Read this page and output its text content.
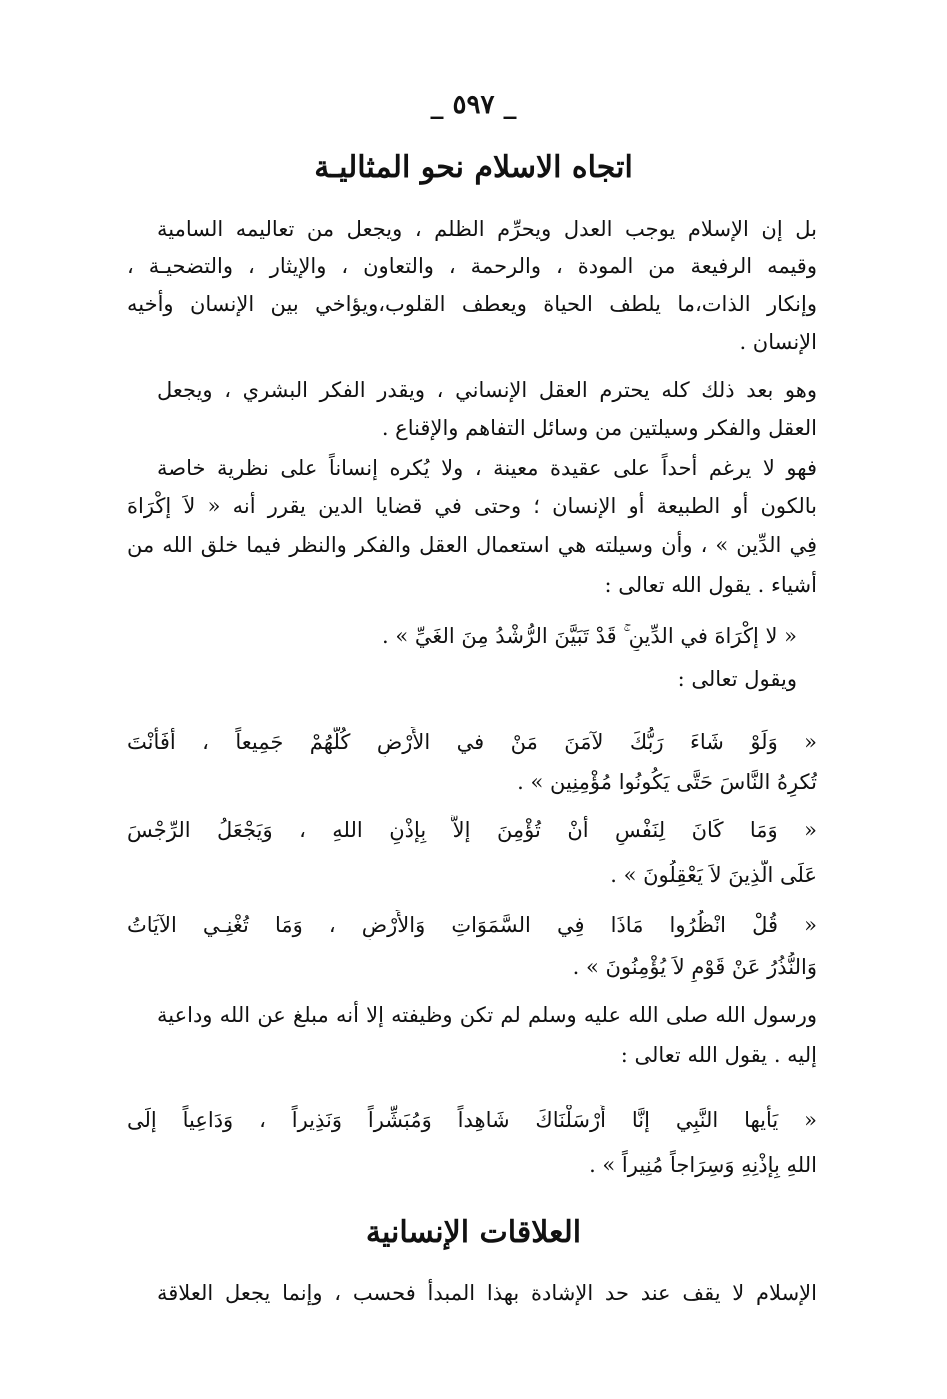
_ ٥٩٧ _
اتجاه الاسلام نحو المثاليـة
بل إن الإسلام يوجب العدل ويحرِّم الظلم ، ويجعل من تعاليمه السامية
وقيمه الرفيعة من المودة ، والرحمة ، والتعاون ، والإيثار ، والتضحيـة ،
وإنكار الذات،ما يلطف الحياة ويعطف القلوب،ويؤاخي بين الإنسان وأخيه
الإنسان .
وهو بعد ذلك كله يحترم العقل الإنساني ، ويقدر الفكر البشري ، ويجعل
العقل والفكر وسيلتين من وسائل التفاهم والإقناع .
فهو لا يرغم أحداً على عقيدة معينة ، ولا يُكره إنساناً على نظرية خاصة
بالكون أو الطبيعة أو الإنسان ؛ وحتى في قضايا الدين يقرر أنه « لاَ إكْرَاهَ
فِي الدِّين » ، وأن وسيلته هي استعمال العقل والفكر والنظر فيما خلق الله من
أشياء . يقول الله تعالى :
« لا إكْرَاهَ في الدِّينِ ۚ قَدْ تَبَيَّنَ الرُّشْدُ مِنَ الغَيِّ » .
ويقول تعالى :
« وَلَوْ شَاءَ رَبُّكَ لآمَنَ مَنْ في الأَرْضِ كُلُّهُمْ جَمِيعاً ، أفَأنْتَ
تُكرِهُ النَّاسَ حَتَّى يَكُونُوا مُؤْمِنِين » .
« وَمَا كَانَ لِنَفْسٍ أنْ تُؤْمِنَ إلاَّ بِإذْنِ اللهِ ، وَيَجْعَلُ الرِّجْسَ
عَلَى الَّذِينَ لاَ يَعْقِلُونَ » .
« قُلْ انْظُرُوا مَاذَا فِي السَّمَوَاتِ وَالأَرْضِ ، وَمَا تُغْنِـي الآيَاتُ
وَالنُّذُرُ عَنْ قَوْمٍ لاَ يُؤْمِنُونَ » .
ورسول الله صلى الله عليه وسلم لم تكن وظيفته إلا أنه مبلغ عن الله وداعية
إليه . يقول الله تعالى :
« يَأيها النَّبِي إنَّا أَرْسَلْنَاكَ شَاهِداً وَمُبَشِّراً وَنَذِيراً ، وَدَاعِياً إلَى
اللهِ بِإذْنِهِ وَسِرَاجاً مُنِيراً » .
العلاقات الإنسانية
الإسلام لا يقف عند حد الإشادة بهذا المبدأ فحسب ، وإنما يجعل العلاقة
